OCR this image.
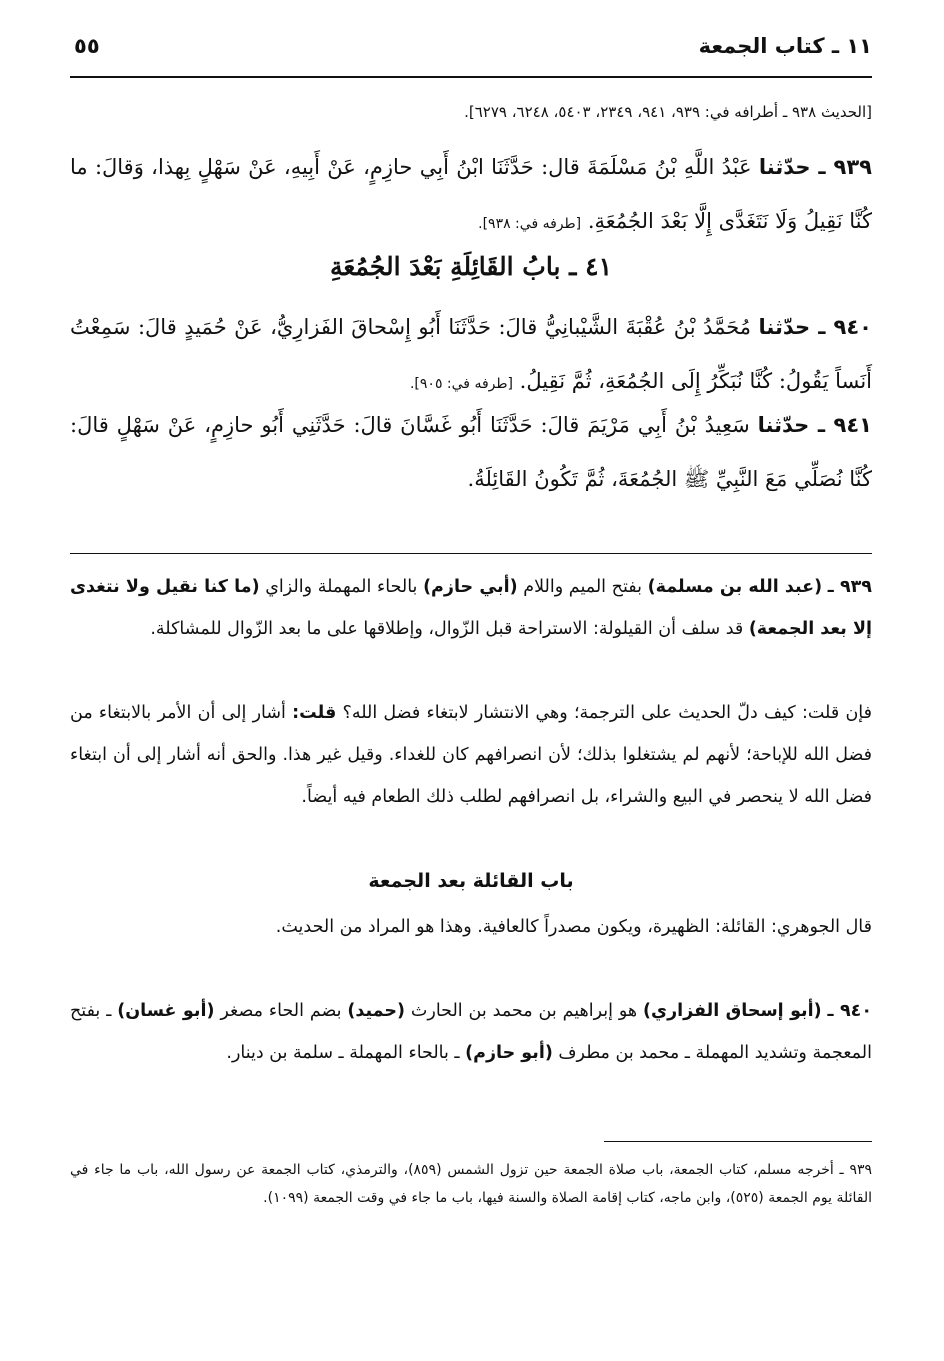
١١ ـ كتاب الجمعة
٥٥
[الحديث ٩٣٨ ـ أطرافه في: ٩٣٩، ٩٤١، ٢٣٤٩، ٥٤٠٣، ٦٢٤٨، ٦٢٧٩].
٩٣٩ ـ حدّثنا عَبْدُ اللَّهِ بْنُ مَسْلَمَةَ قال: حَدَّثَنَا ابْنُ أَبِي حازِمٍ، عَنْ أَبِيهِ، عَنْ سَهْلٍ بِهذا، وَقالَ: ما كُنَّا نَقِيلُ وَلَا نَتَغَدَّى إِلَّا بَعْدَ الجُمُعَةِ. [طرفه في: ٩٣٨].
٤١ ـ بابُ القَائِلَةِ بَعْدَ الجُمُعَةِ
٩٤٠ ـ حدّثنا مُحَمَّدُ بْنُ عُقْبَةَ الشَّيْبانِيُّ قالَ: حَدَّثَنَا أَبُو إِسْحاقَ الفَزارِيُّ، عَنْ حُمَيدٍ قالَ: سَمِعْتُ أَنَساً يَقُولُ: كُنَّا نُبَكِّرُ إِلَى الجُمُعَةِ، ثُمَّ نَقِيلُ. [طرفه في: ٩٠٥].
٩٤١ ـ حدّثنا سَعِيدُ بْنُ أَبِي مَرْيَمَ قالَ: حَدَّثَنَا أَبُو غَسَّانَ قالَ: حَدَّثَنِي أَبُو حازِمٍ، عَنْ سَهْلٍ قالَ: كُنَّا نُصَلِّي مَعَ النَّبِيِّ ﷺ الجُمُعَةَ، ثُمَّ تَكُونُ القَائِلَةُ.
٩٣٩ ـ (عبد الله بن مسلمة) بفتح الميم واللام (أبي حازم) بالحاء المهملة والزاي (ما كنا نقيل ولا نتغدى إلا بعد الجمعة) قد سلف أن القيلولة: الاستراحة قبل الزّوال، وإطلاقها على ما بعد الزّوال للمشاكلة.
فإن قلت: كيف دلّ الحديث على الترجمة؛ وهي الانتشار لابتغاء فضل الله؟ قلت: أشار إلى أن الأمر بالابتغاء من فضل الله للإباحة؛ لأنهم لم يشتغلوا بذلك؛ لأن انصرافهم كان للغداء. وقيل غير هذا. والحق أنه أشار إلى أن ابتغاء فضل الله لا ينحصر في البيع والشراء، بل انصرافهم لطلب ذلك الطعام فيه أيضاً.
باب القائلة بعد الجمعة
قال الجوهري: القائلة: الظهيرة، ويكون مصدراً كالعافية. وهذا هو المراد من الحديث.
٩٤٠ ـ (أبو إسحاق الفزاري) هو إبراهيم بن محمد بن الحارث (حميد) بضم الحاء مصغر (أبو غسان) ـ بفتح المعجمة وتشديد المهملة ـ محمد بن مطرف (أبو حازم) ـ بالحاء المهملة ـ سلمة بن دينار.
٩٣٩ ـ أخرجه مسلم، كتاب الجمعة، باب صلاة الجمعة حين تزول الشمس (٨٥٩)، والترمذي، كتاب الجمعة عن رسول الله، باب ما جاء في القائلة يوم الجمعة (٥٢٥)، وابن ماجه، كتاب إقامة الصلاة والسنة فيها، باب ما جاء في وقت الجمعة (١٠٩٩).
